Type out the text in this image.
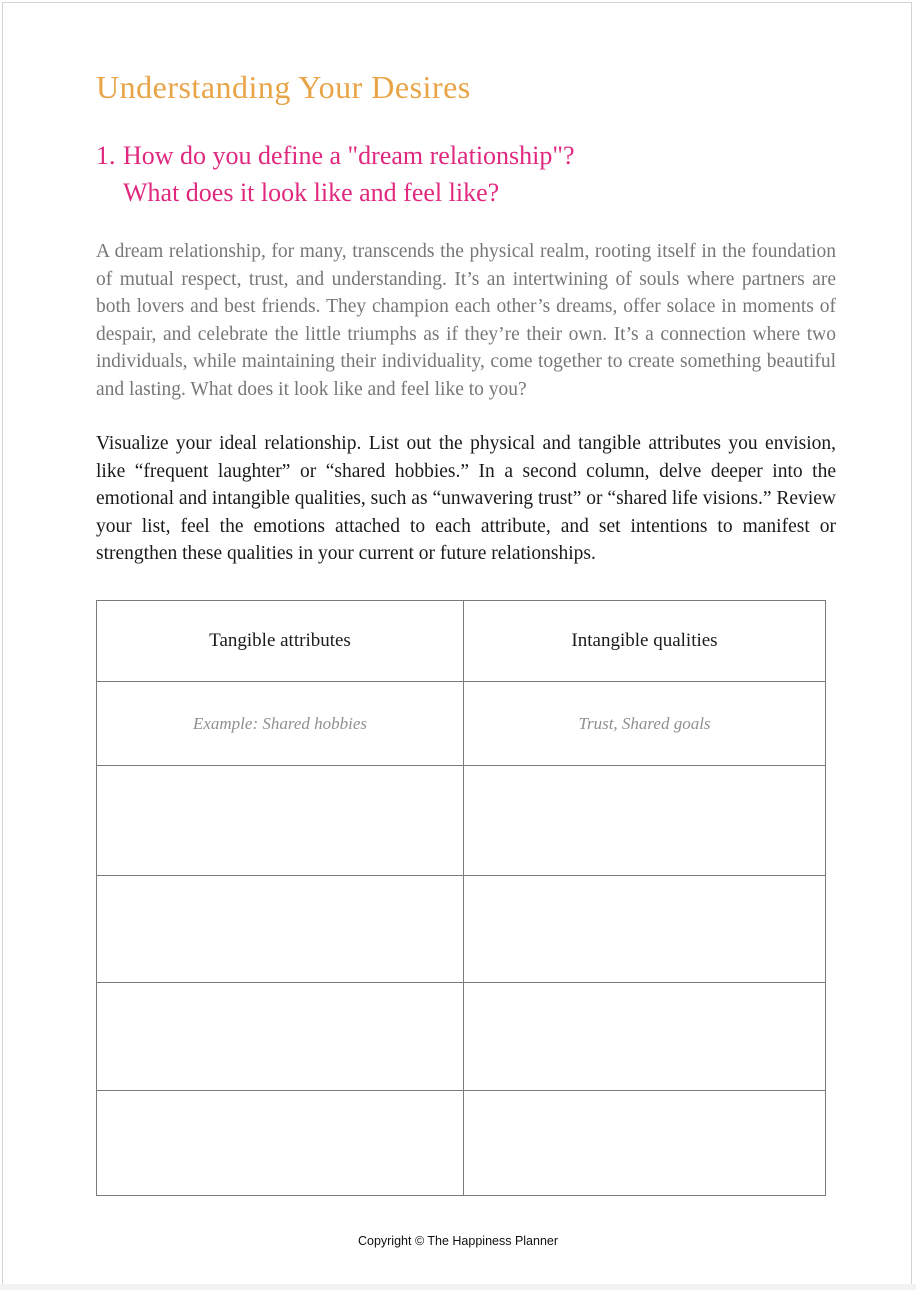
Understanding Your Desires
1. How do you define a "dream relationship"?
What does it look like and feel like?

A dream relationship, for many, transcends the physical realm, rooting itself in the foundation of mutual respect, trust, and understanding. It’s an intertwining of souls where partners are both lovers and best friends. They champion each other’s dreams, offer solace in moments of despair, and celebrate the little triumphs as if they’re their own. It’s a connection where two individuals, while maintaining their individuality, come together to create something beautiful and lasting. What does it look like and feel like to you?

Visualize your ideal relationship. List out the physical and tangible attributes you envision, like “frequent laughter” or “shared hobbies.” In a second column, delve deeper into the emotional and intangible qualities, such as “unwavering trust” or “shared life visions.” Review your list, feel the emotions attached to each attribute, and set intentions to manifest or strengthen these qualities in your current or future relationships.

Tangible attributes	Intangible qualities
Example: Shared hobbies	Trust, Shared goals

Copyright © The Happiness Planner
